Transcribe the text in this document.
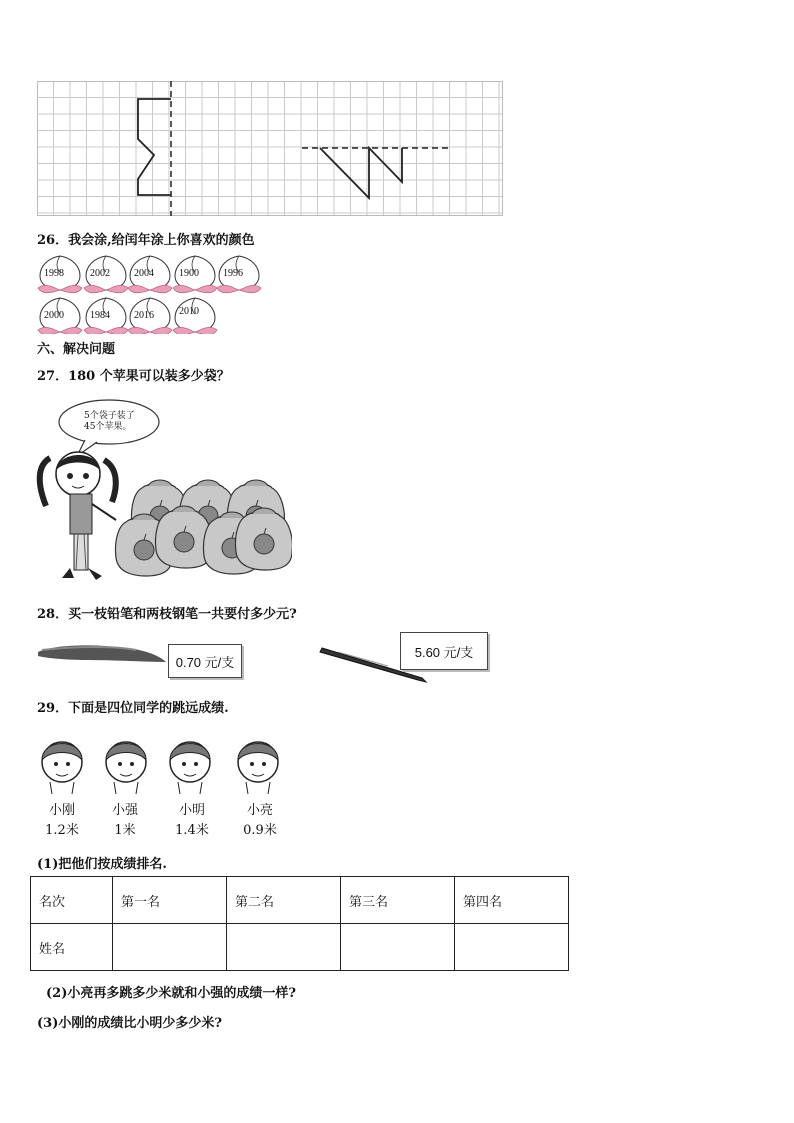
26．我会涂,给闰年涂上你喜欢的颜色
1998	2002 2004	1900 1996
2000	1984 2016	2010
六、解决问题
27．180 个苹果可以装多少袋？
5个袋子装了
45个苹果。
28．买一枝铅笔和两枝钢笔一共要付多少元?
0.70 元/支
5.60 元/支
29．下面是四位同学的跳远成绩.
小刚	小强	小明	小亮
1.2米	1米	1.4米	0.9米
(1)把他们按成绩排名.
名次	第一名	第二名	第三名	第四名
姓名				
(2)小亮再多跳多少米就和小强的成绩一样?
(3)小刚的成绩比小明少多少米?
